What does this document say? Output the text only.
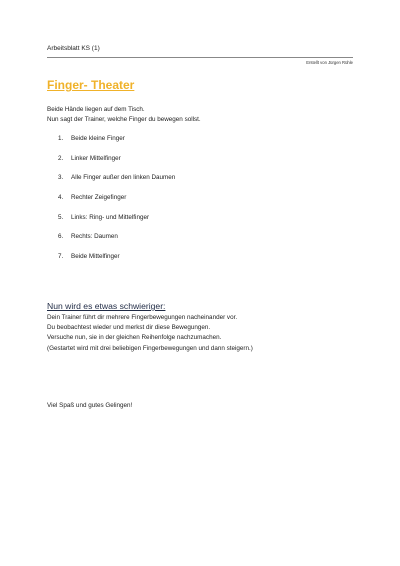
Arbeitsblatt KS (1)
Erstellt von Jürgen Rühle
Finger- Theater
Beide Hände liegen auf dem Tisch.
Nun sagt der Trainer, welche Finger du bewegen sollst.
1.	Beide kleine Finger
2.	Linker Mittelfinger
3.	Alle Finger außer den linken Daumen
4.	Rechter Zeigefinger
5.	Links: Ring- und Mittelfinger
6.	Rechts: Daumen
7.	Beide Mittelfinger
Nun wird es etwas schwieriger:
Dein Trainer führt dir mehrere Fingerbewegungen nacheinander vor.
Du beobachtest wieder und merkst dir diese Bewegungen.
Versuche nun, sie in der gleichen Reihenfolge nachzumachen.
(Gestartet wird mit drei beliebigen Fingerbewegungen und dann steigern.)
Viel Spaß und gutes Gelingen!
